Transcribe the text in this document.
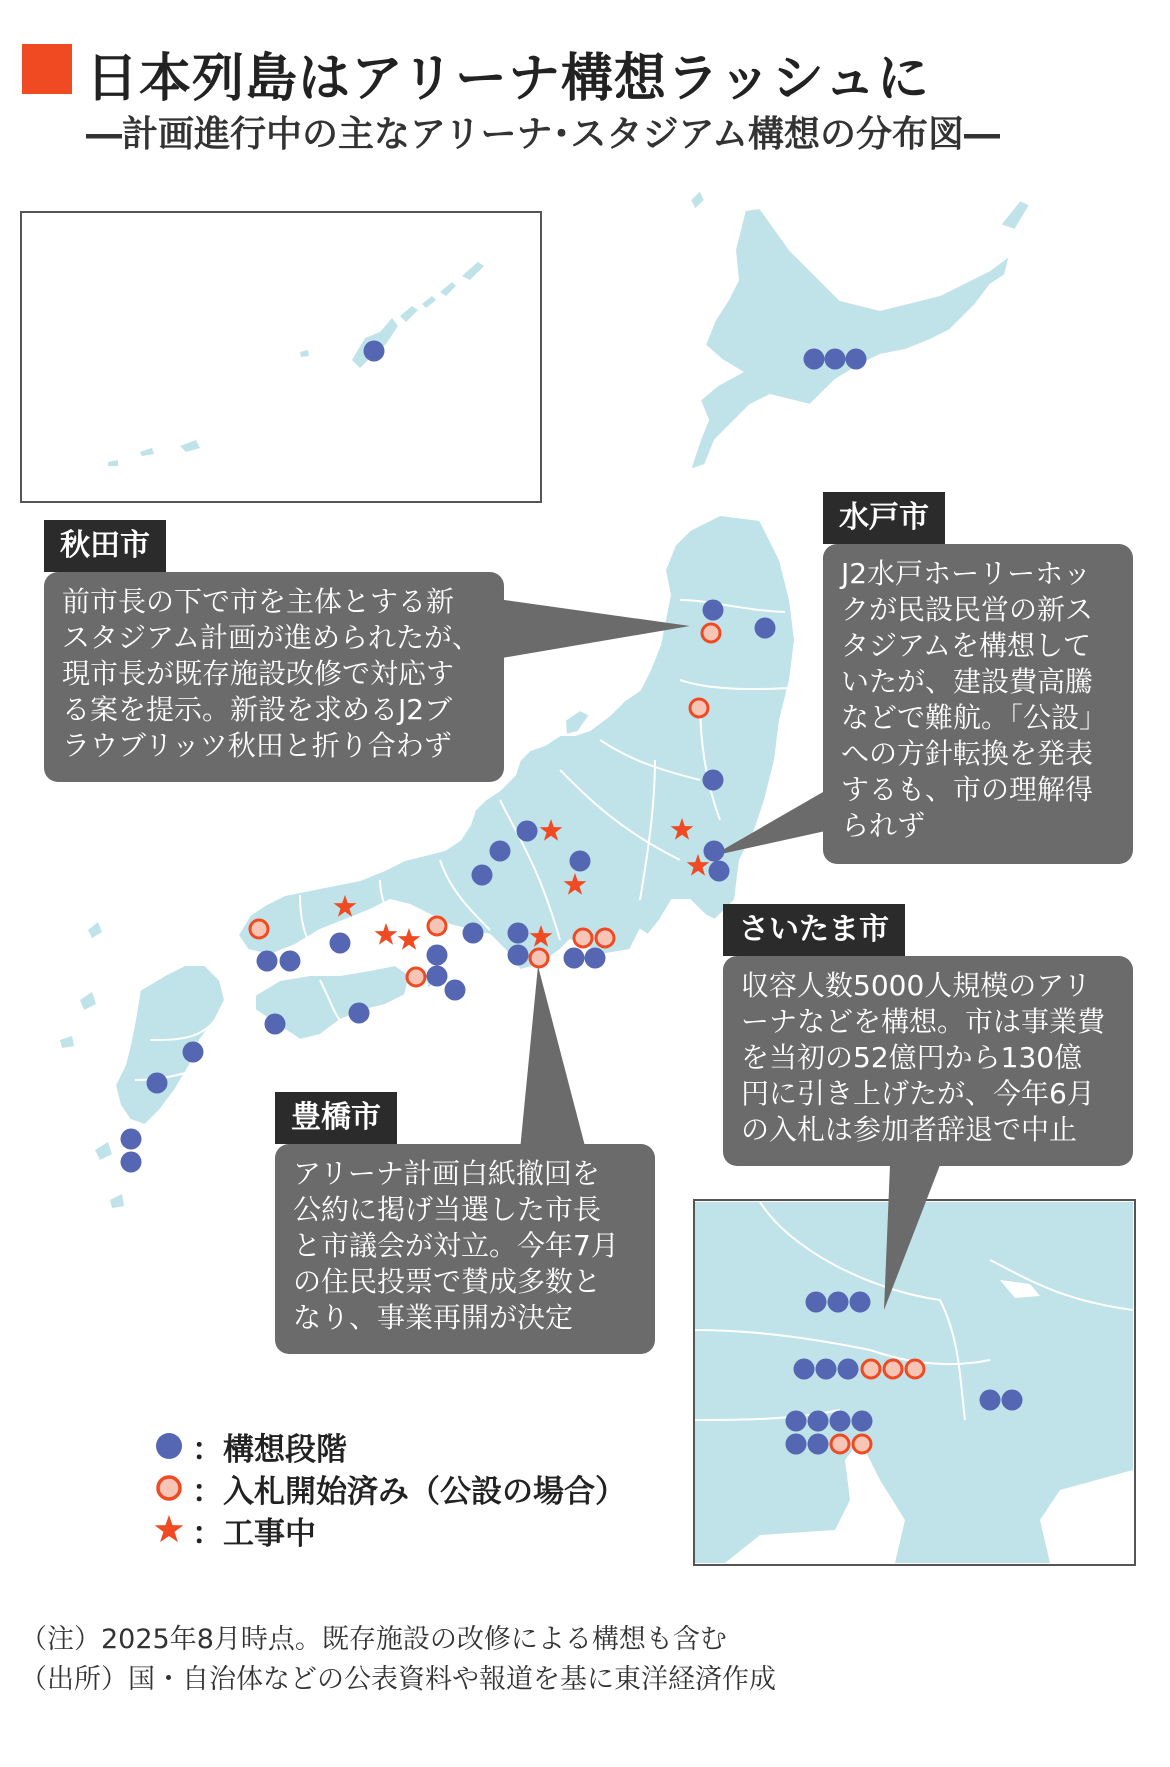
日本列島はアリーナ構想ラッシュに
―計画進行中の主なアリーナ･スタジアム構想の分布図―
秋田市
前市長の下で市を主体とする新
スタジアム計画が進められたが、
現市長が既存施設改修で対応す
る案を提示。新設を求めるJ2ブ
ラウブリッツ秋田と折り合わず
水戸市
J2水戸ホーリーホッ
クが民設民営の新ス
タジアムを構想して
いたが、建設費高騰
などで難航。「公設」
への方針転換を発表
するも、市の理解得
られず
さいたま市
収容人数5000人規模のアリ
ーナなどを構想。市は事業費
を当初の52億円から130億
円に引き上げたが、今年6月
の入札は参加者辞退で中止
豊橋市
アリーナ計画白紙撤回を
公約に掲げ当選した市長
と市議会が対立。今年7月
の住民投票で賛成多数と
なり、事業再開が決定
：構想段階
：入札開始済み（公設の場合）
：工事中
（注）2025年8月時点。既存施設の改修による構想も含む
（出所）国・自治体などの公表資料や報道を基に東洋経済作成
